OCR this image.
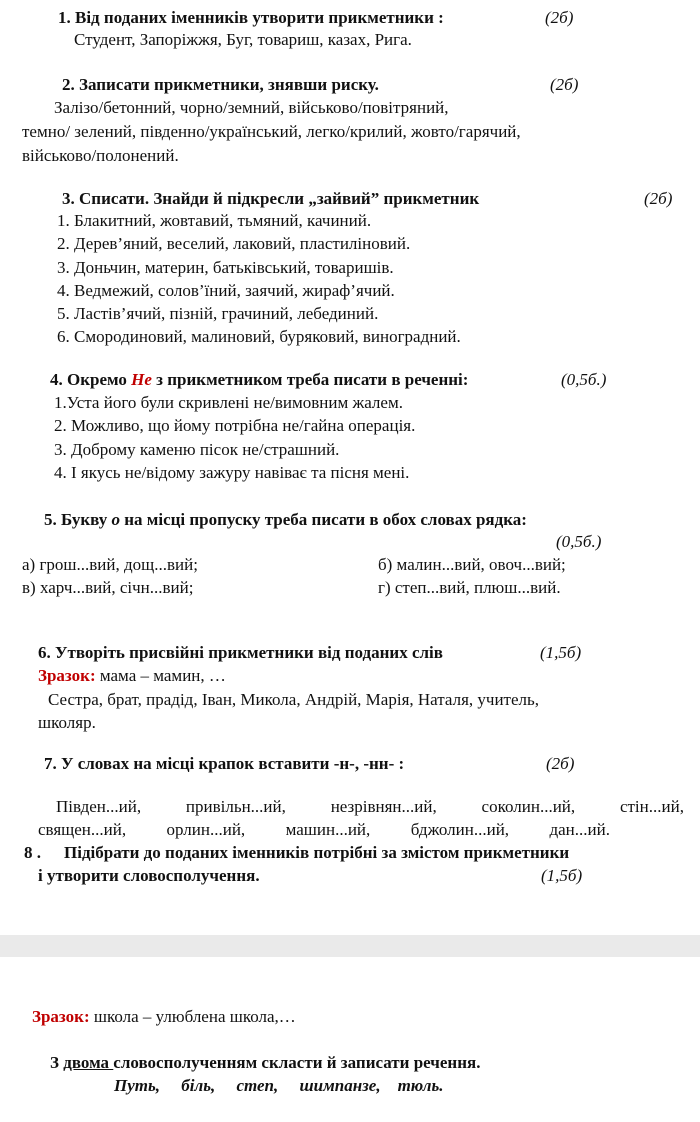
1. Від поданих іменників утворити прикметники :	(2б)
Студент, Запоріжжя, Буг, товариш, казах, Рига.
2. Записати прикметники, знявши риску.	(2б)
Залізо/бетонний, чорно/земний, військово/повітряний,
темно/ зелений, південно/український, легко/крилий, жовто/гарячий,
військово/полонений.
3. Списати. Знайди й підкресли „зайвий” прикметник	(2б)
1. Блакитний, жовтавий, тьмяний, качиний.
2. Дерев’яний, веселий, лаковий, пластиліновий.
3. Доньчин, материн, батьківський, товаришів.
4. Ведмежий, солов’їний, заячий, жираф’ячий.
5. Ластів’ячий, пізній, грачиний, лебединий.
6. Смородиновий, малиновий, буряковий, виноградний.
4. Окремо Не з прикметником треба писати в реченні:	(0,5б.)
1.Уста його були скривлені не/вимовним жалем.
2. Можливо, що йому потрібна не/гайна операція.
3. Доброму каменю пісок не/страшний.
4. І якусь не/відому зажуру навіває та пісня мені.
5. Букву о на місці пропуску треба писати в обох словах рядка:
(0,5б.)
а) грош...вий, дощ...вий;	б) малин...вий, овоч...вий;
в) харч...вий, січн...вий;	г) степ...вий, плюш...вий.
6. Утворіть присвійні прикметники від поданих слів	(1,5б)
Зразок: мама – мамин, …
Сестра, брат, прадід, Іван, Микола, Андрій, Марія, Наталя, учитель,
школяр.
7. У словах на місці крапок вставити -н-, -нн- :	(2б)
Півден...ий,	привільн...ий,	незрівнян...ий,	соколин...ий,	стін...ий,
священ...ий, орлин...ий, машин...ий, бджолин...ий, дан...ий.
8 . Підібрати до поданих іменників потрібні за змістом прикметники
і утворити словосполучення.	(1,5б)
Зразок: школа – улюблена школа,…
З двома словосполученням скласти й записати речення.
Путь,     біль,     степ,     шимпанзе,    тюль.
